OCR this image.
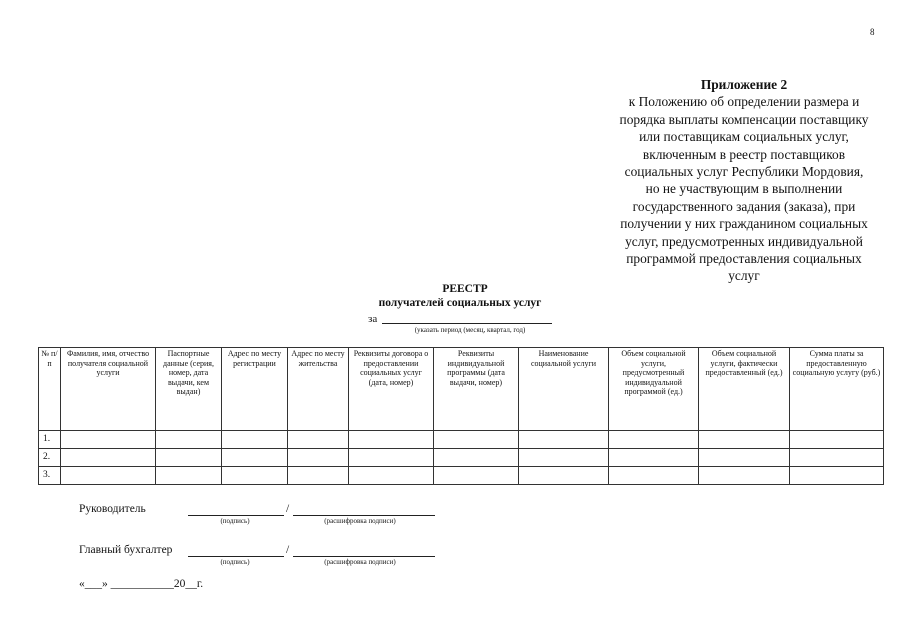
8
Приложение 2
к Положению об определении размера и
порядка выплаты компенсации поставщику
или поставщикам социальных услуг,
включенным в реестр поставщиков
социальных услуг Республики Мордовия,
но не участвующим в выполнении
государственного задания (заказа), при
получении у них гражданином социальных
услуг, предусмотренных индивидуальной
программой предоставления социальных
услуг
РЕЕСТР
получателей социальных услуг
за
(указать период (месяц, квартал, год)
№ п/п	Фамилия, имя, отчество получателя социальной услуги	Паспортные данные (серия, номер, дата выдачи, кем выдан)	Адрес по месту регистрации	Адрес по месту жительства	Реквизиты договора о предоставлении социальных услуг (дата, номер)	Реквизиты индивидуальной программы (дата выдачи, номер)	Наименование социальной услуги	Объем социальной услуги, предусмотренный индивидуальной программой (ед.)	Объем социальной услуги, фактически предоставленный (ед.)	Сумма платы за предоставленную социальную услугу (руб.)
1.										
2.										
3.										
Руководитель	/
(подпись)	(расшифровка подписи)
Главный бухгалтер	/
(подпись)	(расшифровка подписи)
«___» ___________20__г.
